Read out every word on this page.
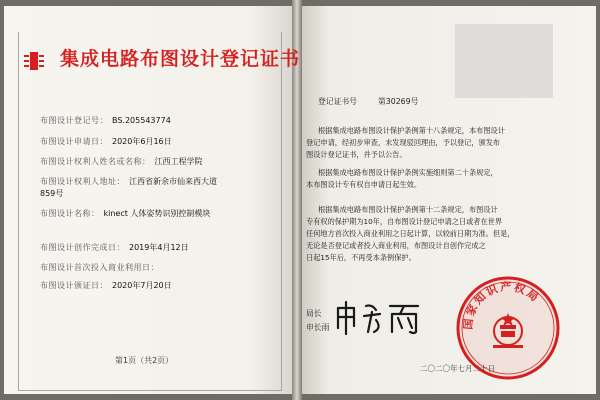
集成电路布图设计登记证书
布图设计登记号： BS.205543774
布图设计申请日： 2020年6月16日
布图设计权利人姓名或名称： 江西工程学院
布图设计权利人地址： 江西省新余市仙来西大道
859号
布图设计名称： kinect 人体姿势识别控制模块
布图设计创作完成日： 2019年4月12日
布图设计首次投入商业利用日：
布图设计颁证日： 2020年7月20日
第1页（共2页）
登记证书号	第30269号
根据集成电路布图设计保护条例第十八条规定，本布图设计
登记申请，经初步审查，未发现驳回理由，予以登记，颁发布
图设计登记证书，并予以公告。
根据集成电路布图设计保护条例实施细则第二十条规定，
本布图设计专有权自申请日起生效。
根据集成电路布图设计保护条例第十二条规定，布图设计
专有权的保护期为10年，自布图设计登记申请之日或者在世界
任何地方首次投入商业利用之日起计算，以较前日期为准。但是，
无论是否登记或者投入商业利用，布图设计自创作完成之
日起15年后，不再受本条例保护。
局长
申长雨	国家知识产权局
二〇二〇年七月二十日
